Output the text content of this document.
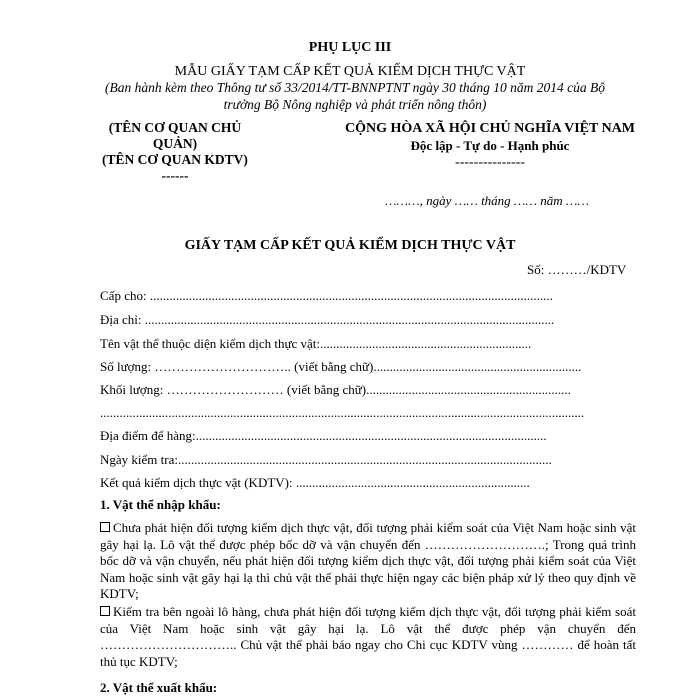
PHỤ LỤC III
MẪU GIẤY TẠM CẤP KẾT QUẢ KIỂM DỊCH THỰC VẬT
(Ban hành kèm theo Thông tư số 33/2014/TT-BNNPTNT ngày 30 tháng 10 năm 2014 của Bộ trưởng Bộ Nông nghiệp và phát triển nông thôn)
(TÊN CƠ QUAN CHỦ QUẢN)
(TÊN CƠ QUAN KDTV)
------
CỘNG HÒA XÃ HỘI CHỦ NGHĨA VIỆT NAM
Độc lập - Tự do - Hạnh phúc
---------------
………, ngày …… tháng …… năm ……
GIẤY TẠM CẤP KẾT QUẢ KIỂM DỊCH THỰC VẬT
Số: ………/KDTV
Cấp cho: ............................................................................................................................
Địa chỉ: ..............................................................................................................................
Tên vật thể thuộc diện kiểm dịch thực vật:.................................................................
Số lượng: ………………………….. (viết bằng chữ)................................................................
Khối lượng: ……………………… (viết bằng chữ)...............................................................
.....................................................................................................................................................
Địa điểm để hàng:............................................................................................................
Ngày kiểm tra:...................................................................................................................
Kết quả kiểm dịch thực vật (KDTV): ........................................................................
1. Vật thể nhập khẩu:
Chưa phát hiện đối tượng kiểm dịch thực vật, đối tượng phải kiểm soát của Việt Nam hoặc sinh vật gây hại lạ. Lô vật thể được phép bốc dỡ và vận chuyển đến ……………………….; Trong quá trình bốc dỡ và vận chuyển, nếu phát hiện đối tượng kiểm dịch thực vật, đối tượng phải kiểm soát của Việt Nam hoặc sinh vật gây hại lạ thì chủ vật thể phải thực hiện ngay các biện pháp xử lý theo quy định về KDTV;
Kiểm tra bên ngoài lô hàng, chưa phát hiện đối tượng kiểm dịch thực vật, đối tượng phải kiểm soát của Việt Nam hoặc sinh vật gây hại lạ. Lô vật thể được phép vận chuyển đến ………………………….. Chủ vật thể phải báo ngay cho Chi cục KDTV vùng ………… để hoàn tất thủ tục KDTV;
2. Vật thể xuất khẩu:
